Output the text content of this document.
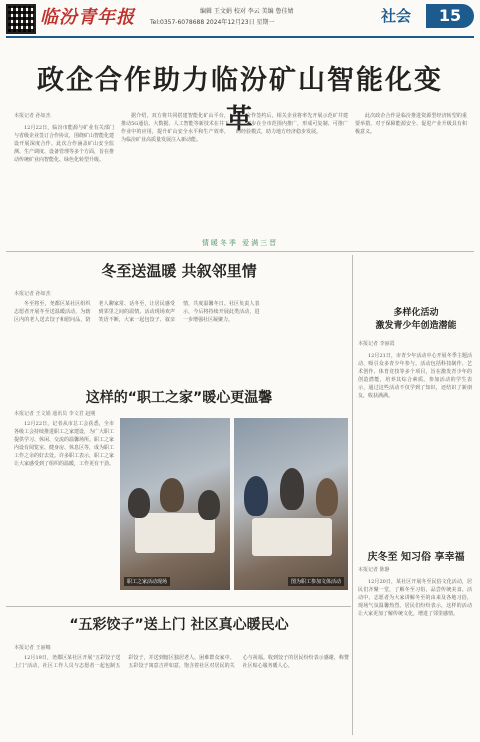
临汾青年报	编辑 王文娟 校对 李云 美编 鲁佳婧
Tel:0357-6078688 2024年12月23日 星期一	社会	15
政企合作助力临汾矿山智能化变革
本报记者 孙如杰

12月22日，临汾市能源与矿业有关部门与省级企业签订合作协议，围绕矿山智能化建设开展深度合作。此次合作涵盖矿山安全监测、生产调度、设备管理等多个方面，旨在推动传统矿业向智能化、绿色化转型升级。

据介绍，双方将共同搭建智能化矿山平台，推动5G通信、大数据、人工智能等新技术在井下作业中的应用，提升矿山安全水平和生产效率，为临汾矿业高质量发展注入新动能。

合作签约后，相关企业将率先开展示范矿井建设，逐步在全市范围内推广，形成可复制、可推广的经验模式，助力地方经济稳步发展。

此次政企合作是临汾推进资源型经济转型的重要举措，对于保障能源安全、促进产业升级具有积极意义。

情暖冬季 爱满三晋
冬至送温暖 共叙邻里情
本报记者 孙如杰

冬至将至，尧都区某社区组织志愿者开展冬至送温暖活动，为辖区内的老人送去饺子和慰问品，陪老人聊家常、话冬至，让居民感受到邻里之间的温情。活动现场欢声笑语不断，大家一起包饺子、叙亲情，共度温馨冬日。社区负责人表示，今后将持续开展此类活动，进一步增强社区凝聚力。

这样的“职工之家”暖心更温馨
本报记者 王文娟 通讯员 李文君 赵刚

12月22日，记者从市总工会获悉，全市各级工会持续推进职工之家建设，为广大职工提供学习、休闲、交流的温馨场所。职工之家内设有阅览室、健身房、休息区等，成为职工工作之余的好去处。许多职工表示，职工之家让大家感受到了组织的温暖，工作更有干劲。

职工之家活动现场	图为职工参加文体活动
“五彩饺子”送上门 社区真心暖民心
本报记者 王丽娜

12月19日，尧都区某社区开展“五彩饺子送上门”活动，社区工作人员与志愿者一起包制五彩饺子，并送到辖区独居老人、困难群众家中。五彩饺子寓意吉祥如意，饱含着社区对居民的关心与祝福。收到饺子的居民纷纷表示感谢，称赞社区贴心服务暖人心。

多样化活动
激发青少年创造潜能
本报记者 李丽霞

12月21日，市青少年活动中心开展冬季主题活动，吸引众多青少年参与。活动包括科技制作、艺术创作、体育竞技等多个项目，旨在激发青少年的创造潜能，培养其综合素质。参加活动的学生表示，通过这些活动不仅学到了知识，还结识了新朋友，收获满满。

庆冬至 知习俗 享幸福
本报记者 陈静

12月20日，某社区开展冬至民俗文化活动，居民们齐聚一堂，了解冬至习俗，品尝传统美食。活动中，志愿者为大家讲解冬至的由来及各地习俗，现场气氛温馨热烈。居民们纷纷表示，这样的活动让大家更加了解传统文化，增进了邻里感情。
